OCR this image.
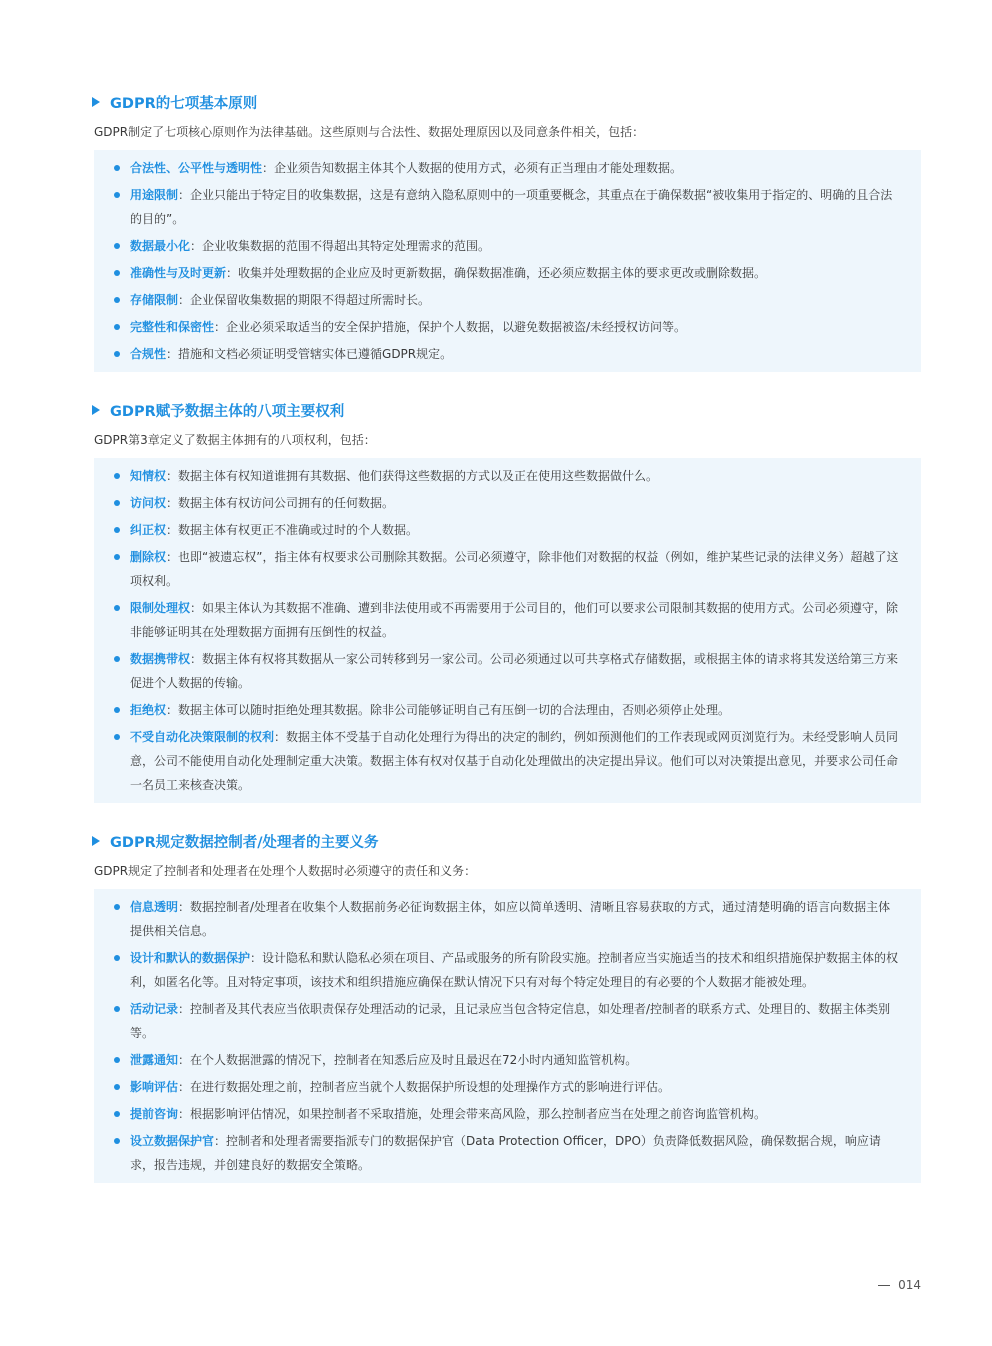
GDPR的七项基本原则
GDPR制定了七项核心原则作为法律基础。这些原则与合法性、数据处理原因以及同意条件相关，包括：
合法性、公平性与透明性：企业须告知数据主体其个人数据的使用方式，必须有正当理由才能处理数据。
用途限制：企业只能出于特定目的收集数据，这是有意纳入隐私原则中的一项重要概念，其重点在于确保数据“被收集用于指定的、明确的且合法的目的”。
数据最小化：企业收集数据的范围不得超出其特定处理需求的范围。
准确性与及时更新：收集并处理数据的企业应及时更新数据，确保数据准确，还必须应数据主体的要求更改或删除数据。
存储限制：企业保留收集数据的期限不得超过所需时长。
完整性和保密性：企业必须采取适当的安全保护措施，保护个人数据，以避免数据被盗/未经授权访问等。
合规性：措施和文档必须证明受管辖实体已遵循GDPR规定。
GDPR赋予数据主体的八项主要权利
GDPR第3章定义了数据主体拥有的八项权利，包括：
知情权：数据主体有权知道谁拥有其数据、他们获得这些数据的方式以及正在使用这些数据做什么。
访问权：数据主体有权访问公司拥有的任何数据。
纠正权：数据主体有权更正不准确或过时的个人数据。
删除权：也即“被遗忘权”，指主体有权要求公司删除其数据。公司必须遵守，除非他们对数据的权益（例如，维护某些记录的法律义务）超越了这项权利。
限制处理权：如果主体认为其数据不准确、遭到非法使用或不再需要用于公司目的，他们可以要求公司限制其数据的使用方式。公司必须遵守，除非能够证明其在处理数据方面拥有压倒性的权益。
数据携带权：数据主体有权将其数据从一家公司转移到另一家公司。公司必须通过以可共享格式存储数据，或根据主体的请求将其发送给第三方来促进个人数据的传输。
拒绝权：数据主体可以随时拒绝处理其数据。除非公司能够证明自己有压倒一切的合法理由，否则必须停止处理。
不受自动化决策限制的权利：数据主体不受基于自动化处理行为得出的决定的制约，例如预测他们的工作表现或网页浏览行为。未经受影响人员同意，公司不能使用自动化处理制定重大决策。数据主体有权对仅基于自动化处理做出的决定提出异议。他们可以对决策提出意见，并要求公司任命一名员工来核查决策。
GDPR规定数据控制者/处理者的主要义务
GDPR规定了控制者和处理者在处理个人数据时必须遵守的责任和义务：
信息透明：数据控制者/处理者在收集个人数据前务必征询数据主体，如应以简单透明、清晰且容易获取的方式，通过清楚明确的语言向数据主体提供相关信息。
设计和默认的数据保护：设计隐私和默认隐私必须在项目、产品或服务的所有阶段实施。控制者应当实施适当的技术和组织措施保护数据主体的权利，如匿名化等。且对特定事项，该技术和组织措施应确保在默认情况下只有对每个特定处理目的有必要的个人数据才能被处理。
活动记录：控制者及其代表应当依职责保存处理活动的记录，且记录应当包含特定信息，如处理者/控制者的联系方式、处理目的、数据主体类别等。
泄露通知：在个人数据泄露的情况下，控制者在知悉后应及时且最迟在72小时内通知监管机构。
影响评估：在进行数据处理之前，控制者应当就个人数据保护所设想的处理操作方式的影响进行评估。
提前咨询：根据影响评估情况，如果控制者不采取措施，处理会带来高风险，那么控制者应当在处理之前咨询监管机构。
设立数据保护官：控制者和处理者需要指派专门的数据保护官（Data Protection Officer，DPO）负责降低数据风险，确保数据合规，响应请求，报告违规，并创建良好的数据安全策略。
014
